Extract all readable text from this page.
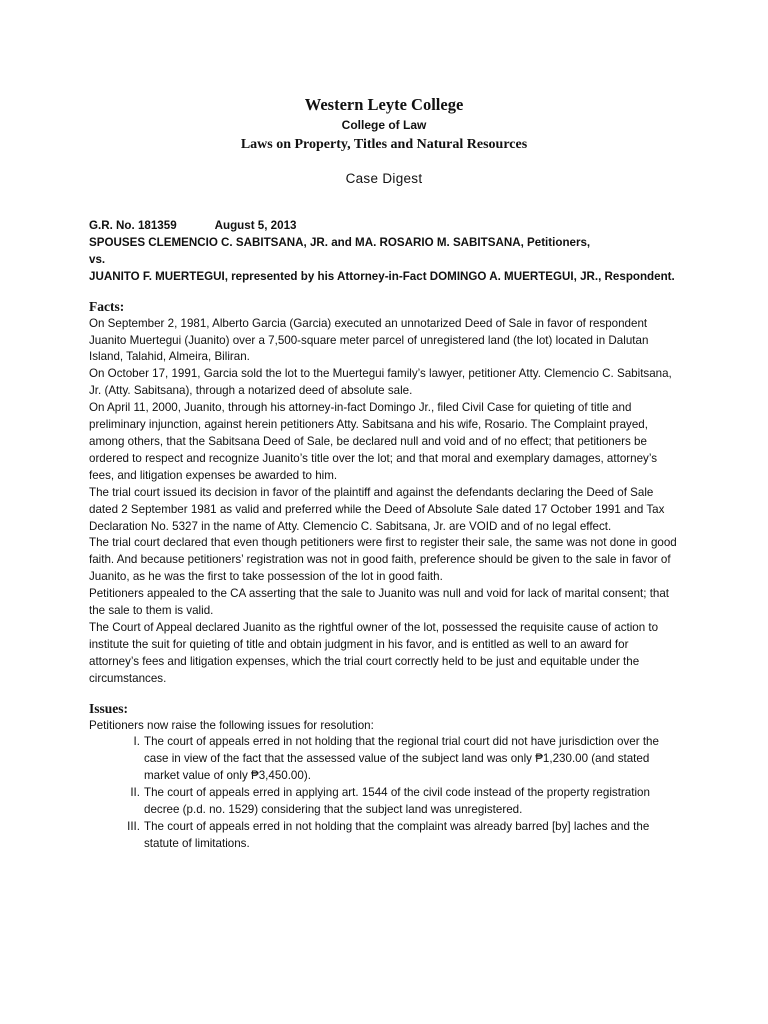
Western Leyte College
College of Law
Laws on Property, Titles and Natural Resources
Case Digest
G.R. No. 181359	August 5, 2013
SPOUSES CLEMENCIO C. SABITSANA, JR. and MA. ROSARIO M. SABITSANA, Petitioners,
vs.
JUANITO F. MUERTEGUI, represented by his Attorney-in-Fact DOMINGO A. MUERTEGUI, JR., Respondent.
Facts:

On September 2, 1981, Alberto Garcia (Garcia) executed an unnotarized Deed of Sale in favor of respondent Juanito Muertegui (Juanito) over a 7,500-square meter parcel of unregistered land (the lot) located in Dalutan Island, Talahid, Almeira, Biliran.

On October 17, 1991, Garcia sold the lot to the Muertegui family’s lawyer, petitioner Atty. Clemencio C. Sabitsana, Jr. (Atty. Sabitsana), through a notarized deed of absolute sale.

On April 11, 2000, Juanito, through his attorney-in-fact Domingo Jr., filed Civil Case for quieting of title and preliminary injunction, against herein petitioners Atty. Sabitsana and his wife, Rosario. The Complaint prayed, among others, that the Sabitsana Deed of Sale, be declared null and void and of no effect; that petitioners be ordered to respect and recognize Juanito’s title over the lot; and that moral and exemplary damages, attorney’s fees, and litigation expenses be awarded to him.

The trial court issued its decision in favor of the plaintiff and against the defendants declaring the Deed of Sale dated 2 September 1981 as valid and preferred while the Deed of Absolute Sale dated 17 October 1991 and Tax Declaration No. 5327 in the name of Atty. Clemencio C. Sabitsana, Jr. are VOID and of no legal effect.

The trial court declared that even though petitioners were first to register their sale, the same was not done in good faith. And because petitioners’ registration was not in good faith, preference should be given to the sale in favor of Juanito, as he was the first to take possession of the lot in good faith.

Petitioners appealed to the CA asserting that the sale to Juanito was null and void for lack of marital consent; that the sale to them is valid.

The Court of Appeal declared Juanito as the rightful owner of the lot, possessed the requisite cause of action to institute the suit for quieting of title and obtain judgment in his favor, and is entitled as well to an award for attorney’s fees and litigation expenses, which the trial court correctly held to be just and equitable under the circumstances.

Issues:

Petitioners now raise the following issues for resolution:

I. The court of appeals erred in not holding that the regional trial court did not have jurisdiction over the case in view of the fact that the assessed value of the subject land was only ₱1,230.00 (and stated market value of only ₱3,450.00).
II. The court of appeals erred in applying art. 1544 of the civil code instead of the property registration decree (p.d. no. 1529) considering that the subject land was unregistered.
III. The court of appeals erred in not holding that the complaint was already barred [by] laches and the statute of limitations.
